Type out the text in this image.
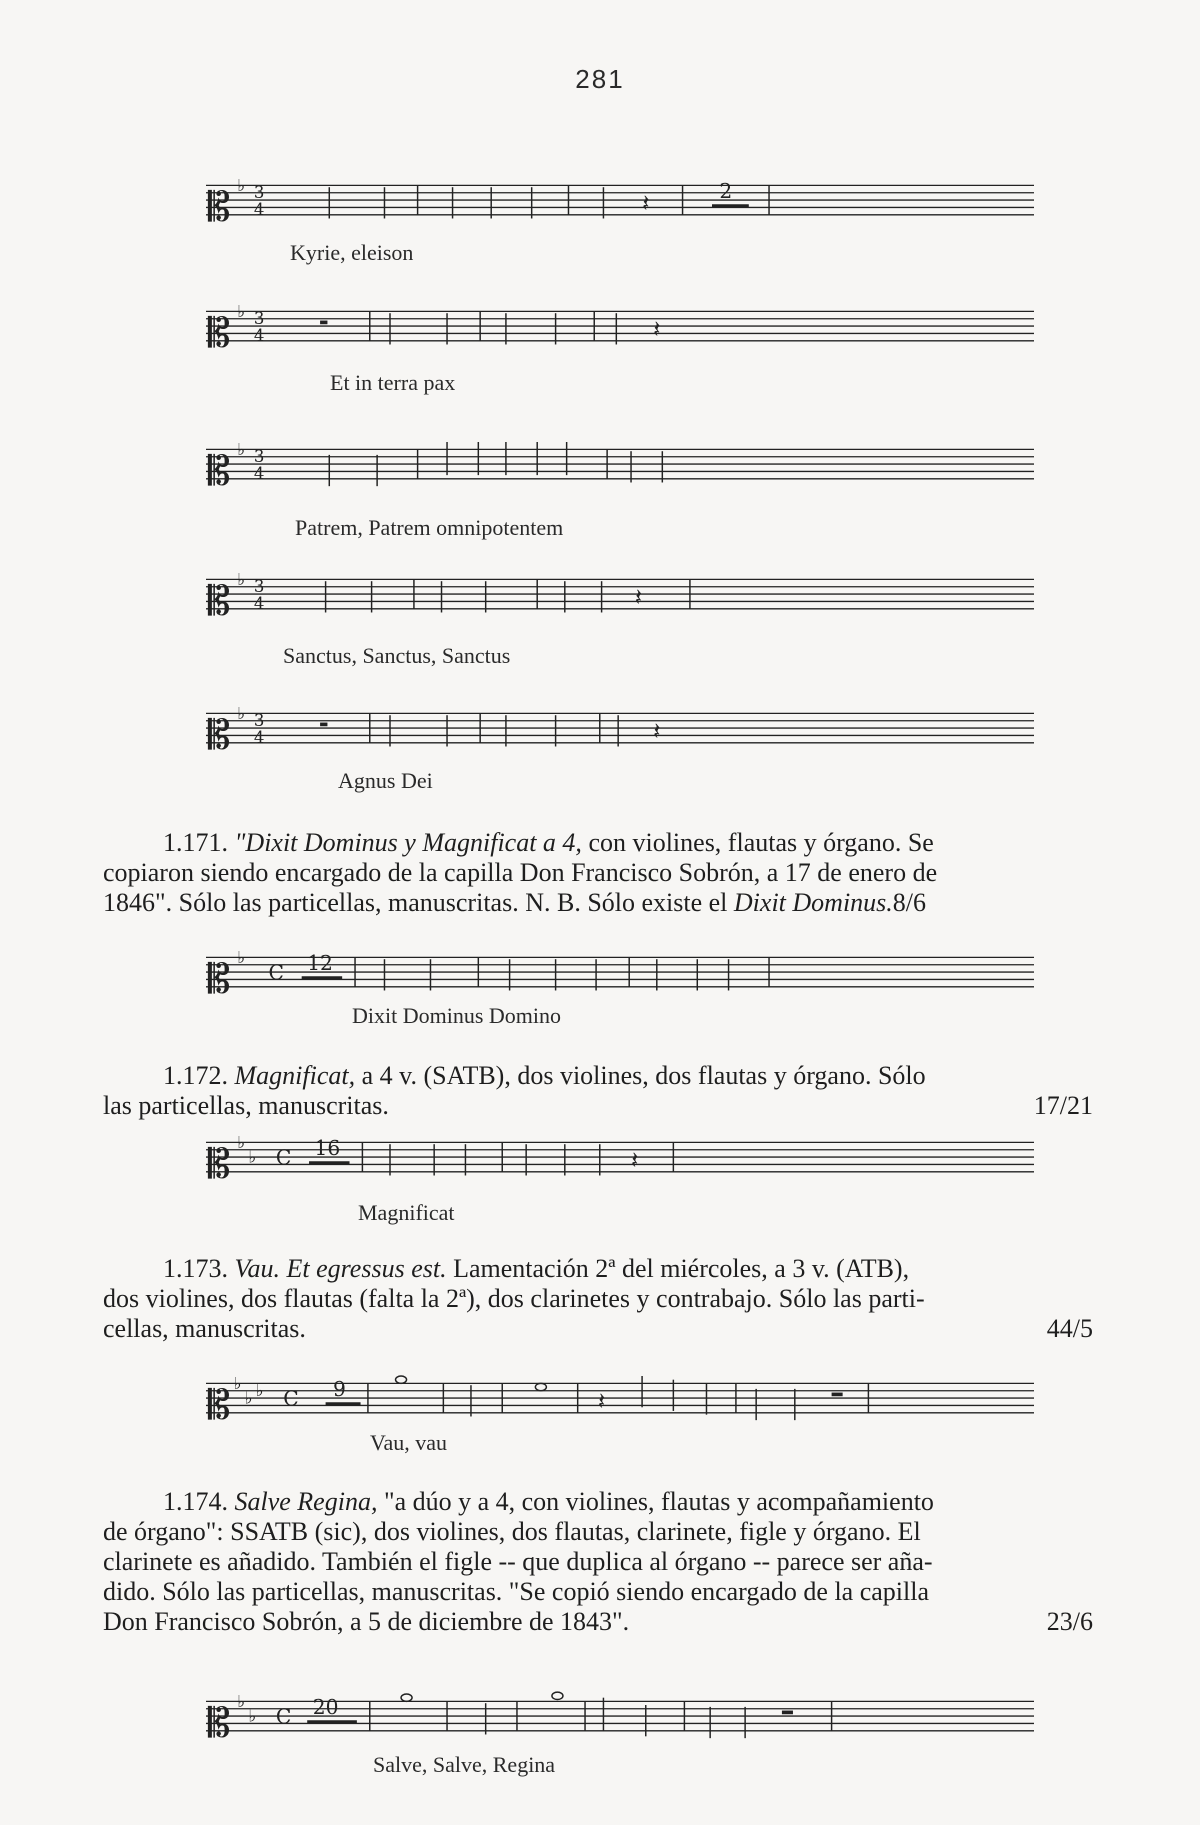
281
𝄡 ♭ 3
4	𝄽	2
Kyrie, eleison
𝄡 ♭ 3
4	𝄽
Et in terra pax
𝄡 ♭ 3
4
Patrem, Patrem omnipotentem
𝄡 ♭ 3
4	𝄽
Sanctus, Sanctus, Sanctus
𝄡 ♭ 3
4	𝄽
Agnus Dei
1.171. "Dixit Dominus y Magnificat a 4, con violines, flautas y órgano. Se
copiaron siendo encargado de la capilla Don Francisco Sobrón, a 17 de enero de
1846". Sólo las particellas, manuscritas. N. B. Sólo existe el Dixit Dominus.8/6
𝄡 ♭
C 12
Dixit Dominus Domino
1.172. Magnificat, a 4 v. (SATB), dos violines, dos flautas y órgano. Sólo
las particellas, manuscritas.	17/21
𝄡 ♭
♭ C 16	𝄽
Magnificat
1.173. Vau. Et egressus est. Lamentación 2ª del miércoles, a 3 v. (ATB),
dos violines, dos flautas (falta la 2ª), dos clarinetes y contrabajo. Sólo las parti-
cellas, manuscritas.	44/5
𝄡 ♭
♭ ♭ C 9	𝄽
Vau, vau
1.174. Salve Regina, "a dúo y a 4, con violines, flautas y acompañamiento
de órgano": SSATB (sic), dos violines, dos flautas, clarinete, figle y órgano. El
clarinete es añadido. También el figle -- que duplica al órgano -- parece ser aña-
dido. Sólo las particellas, manuscritas. "Se copió siendo encargado de la capilla
Don Francisco Sobrón, a 5 de diciembre de 1843".	23/6
𝄡 ♭
♭ C 20
Salve, Salve, Regina
